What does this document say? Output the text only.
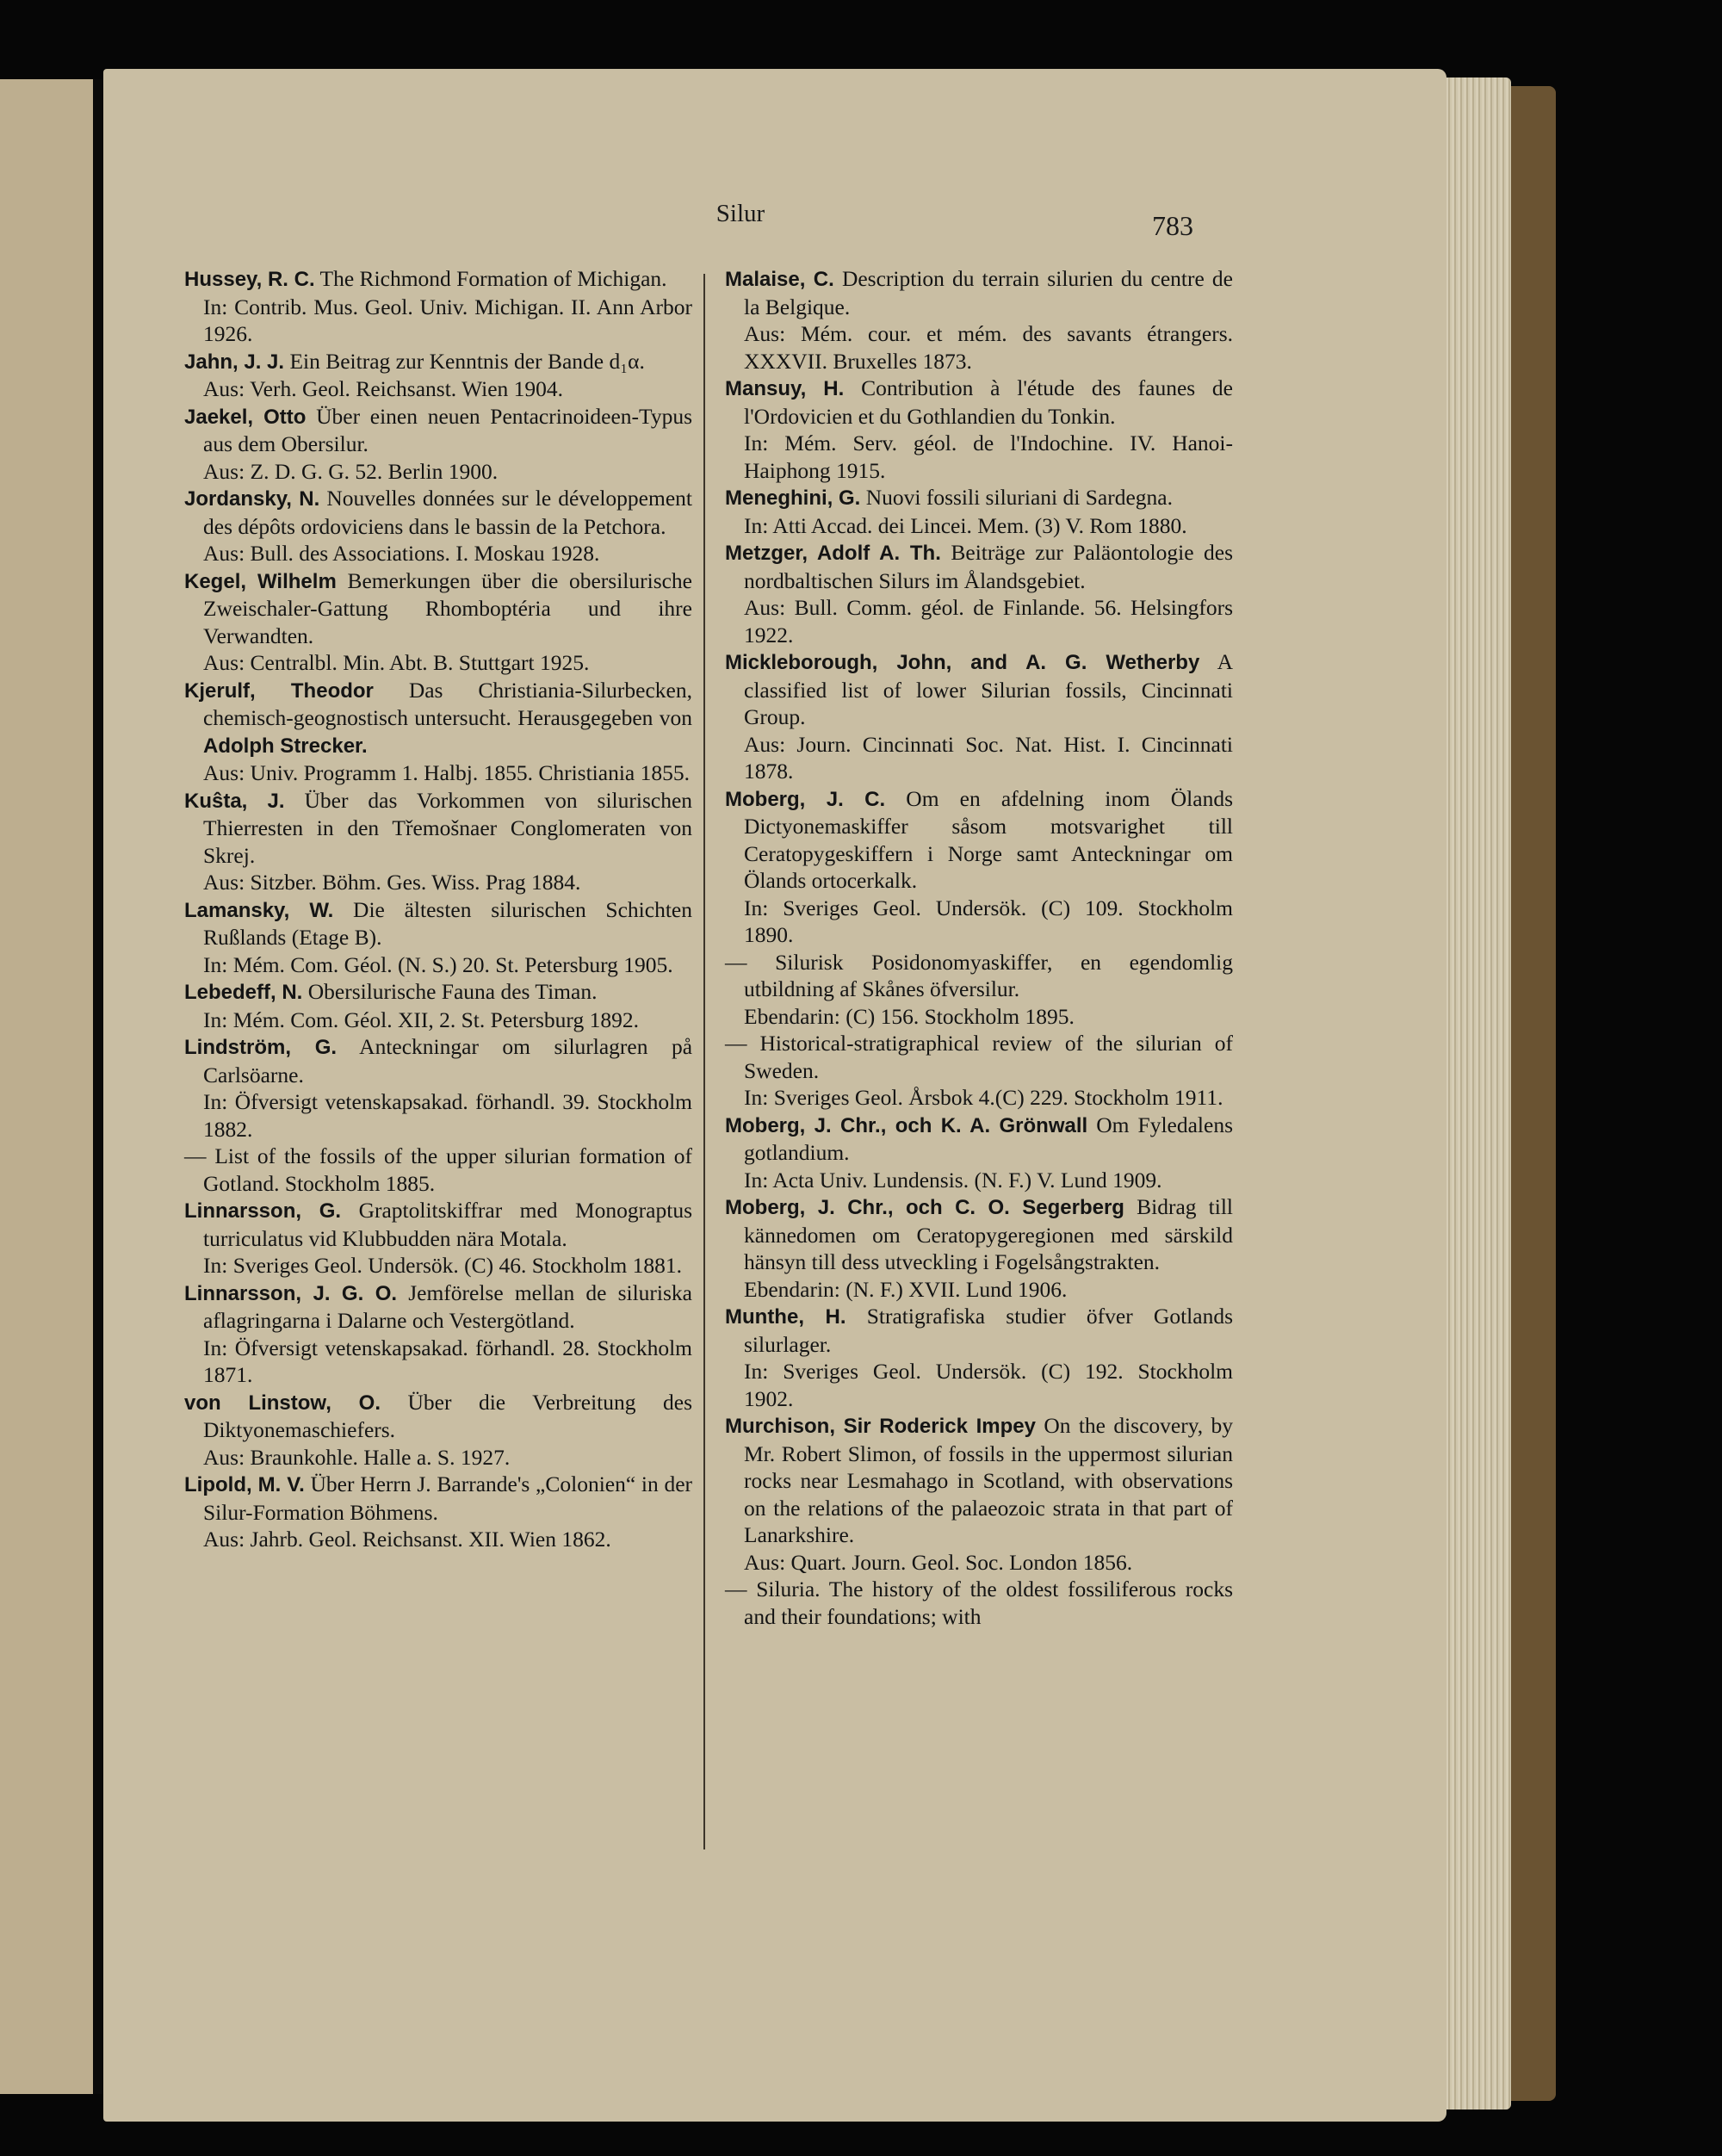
Silur	783

Hussey, R. C. The Richmond Formation of Michigan.

In: Contrib. Mus. Geol. Univ. Michigan. II. Ann Arbor 1926.

Jahn, J. J. Ein Beitrag zur Kenntnis der Bande d₁α.

Aus: Verh. Geol. Reichsanst. Wien 1904.

Jaekel, Otto Über einen neuen Pentacrinoideen-Typus aus dem Obersilur.

Aus: Z. D. G. G. 52. Berlin 1900.

Jordansky, N. Nouvelles données sur le développement des dépôts ordoviciens dans le bassin de la Petchora.

Aus: Bull. des Associations. I. Moskau 1928.

Kegel, Wilhelm Bemerkungen über die obersilurische Zweischaler-Gattung Rhomboptéria und ihre Verwandten.

Aus: Centralbl. Min. Abt. B. Stuttgart 1925.

Kjerulf, Theodor Das Christiania-Silurbecken, chemisch-geognostisch untersucht. Herausgegeben von Adolph Strecker.

Aus: Univ. Programm 1. Halbj. 1855. Christiania 1855.

Kuŝta, J. Über das Vorkommen von silurischen Thierresten in den Třemošnaer Conglomeraten von Skrej.

Aus: Sitzber. Böhm. Ges. Wiss. Prag 1884.

Lamansky, W. Die ältesten silurischen Schichten Rußlands (Etage B).

In: Mém. Com. Géol. (N. S.) 20. St. Petersburg 1905.

Lebedeff, N. Obersilurische Fauna des Timan.

In: Mém. Com. Géol. XII, 2. St. Petersburg 1892.

Lindström, G. Anteckningar om silurlagren på Carlsöarne.

In: Öfversigt vetenskapsakad. förhandl. 39. Stockholm 1882.

— List of the fossils of the upper silurian formation of Gotland. Stockholm 1885.

Linnarsson, G. Graptolitskiffrar med Monograptus turriculatus vid Klubbudden nära Motala.

In: Sveriges Geol. Undersök. (C) 46. Stockholm 1881.

Linnarsson, J. G. O. Jemförelse mellan de siluriska aflagringarna i Dalarne och Vestergötland.

In: Öfversigt vetenskapsakad. förhandl. 28. Stockholm 1871.

von Linstow, O. Über die Verbreitung des Diktyonemaschiefers.

Aus: Braunkohle. Halle a. S. 1927.

Lipold, M. V. Über Herrn J. Barrande's „Colonien“ in der Silur-Formation Böhmens.

Aus: Jahrb. Geol. Reichsanst. XII. Wien 1862.

Malaise, C. Description du terrain silurien du centre de la Belgique.

Aus: Mém. cour. et mém. des savants étrangers. XXXVII. Bruxelles 1873.

Mansuy, H. Contribution à l'étude des faunes de l'Ordovicien et du Gothlandien du Tonkin.

In: Mém. Serv. géol. de l'Indochine. IV. Hanoi-Haiphong 1915.

Meneghini, G. Nuovi fossili siluriani di Sardegna.

In: Atti Accad. dei Lincei. Mem. (3) V. Rom 1880.

Metzger, Adolf A. Th. Beiträge zur Paläontologie des nordbaltischen Silurs im Ålandsgebiet.

Aus: Bull. Comm. géol. de Finlande. 56. Helsingfors 1922.

Mickleborough, John, and A. G. Wetherby A classified list of lower Silurian fossils, Cincinnati Group.

Aus: Journ. Cincinnati Soc. Nat. Hist. I. Cincinnati 1878.

Moberg, J. C. Om en afdelning inom Ölands Dictyonemaskiffer såsom motsvarighet till Ceratopygeskiffern i Norge samt Anteckningar om Ölands ortocerkalk.

In: Sveriges Geol. Undersök. (C) 109. Stockholm 1890.

— Silurisk Posidonomyaskiffer, en egendomlig utbildning af Skånes öfversilur.

Ebendarin: (C) 156. Stockholm 1895.

— Historical-stratigraphical review of the silurian of Sweden.

In: Sveriges Geol. Årsbok 4.(C) 229. Stockholm 1911.

Moberg, J. Chr., och K. A. Grönwall Om Fyledalens gotlandium.

In: Acta Univ. Lundensis. (N. F.) V. Lund 1909.

Moberg, J. Chr., och C. O. Segerberg Bidrag till kännedomen om Ceratopygeregionen med särskild hänsyn till dess utveckling i Fogelsångstrakten.

Ebendarin: (N. F.) XVII. Lund 1906.

Munthe, H. Stratigrafiska studier öfver Gotlands silurlager.

In: Sveriges Geol. Undersök. (C) 192. Stockholm 1902.

Murchison, Sir Roderick Impey On the discovery, by Mr. Robert Slimon, of fossils in the uppermost silurian rocks near Lesmahago in Scotland, with observations on the relations of the palaeozoic strata in that part of Lanarkshire.

Aus: Quart. Journ. Geol. Soc. London 1856.

— Siluria. The history of the oldest fossiliferous rocks and their foundations; with
